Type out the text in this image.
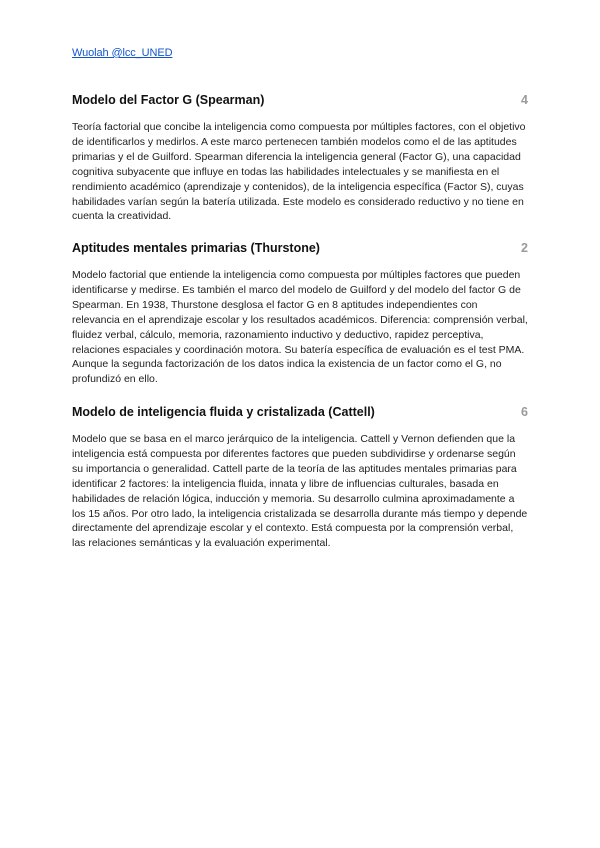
Wuolah @lcc_UNED
Modelo del Factor G (Spearman)	4

Teoría factorial que concibe la inteligencia como compuesta por múltiples factores, con el objetivo de identificarlos y medirlos. A este marco pertenecen también modelos como el de las aptitudes primarias y el de Guilford. Spearman diferencia la inteligencia general (Factor G), una capacidad cognitiva subyacente que influye en todas las habilidades intelectuales y se manifiesta en el rendimiento académico (aprendizaje y contenidos), de la inteligencia específica (Factor S), cuyas habilidades varían según la batería utilizada. Este modelo es considerado reductivo y no tiene en cuenta la creatividad.

Aptitudes mentales primarias (Thurstone)	2

Modelo factorial que entiende la inteligencia como compuesta por múltiples factores que pueden identificarse y medirse. Es también el marco del modelo de Guilford y del modelo del factor G de Spearman. En 1938, Thurstone desglosa el factor G en 8 aptitudes independientes con relevancia en el aprendizaje escolar y los resultados académicos. Diferencia: comprensión verbal, fluidez verbal, cálculo, memoria, razonamiento inductivo y deductivo, rapidez perceptiva, relaciones espaciales y coordinación motora. Su batería específica de evaluación es el test PMA. Aunque la segunda factorización de los datos indica la existencia de un factor como el G, no profundizó en ello.

Modelo de inteligencia fluida y cristalizada (Cattell)	6

Modelo que se basa en el marco jerárquico de la inteligencia. Cattell y Vernon defienden que la inteligencia está compuesta por diferentes factores que pueden subdividirse y ordenarse según su importancia o generalidad. Cattell parte de la teoría de las aptitudes mentales primarias para identificar 2 factores: la inteligencia fluida, innata y libre de influencias culturales, basada en habilidades de relación lógica, inducción y memoria. Su desarrollo culmina aproximadamente a los 15 años. Por otro lado, la inteligencia cristalizada se desarrolla durante más tiempo y depende directamente del aprendizaje escolar y el contexto. Está compuesta por la comprensión verbal, las relaciones semánticas y la evaluación experimental.
